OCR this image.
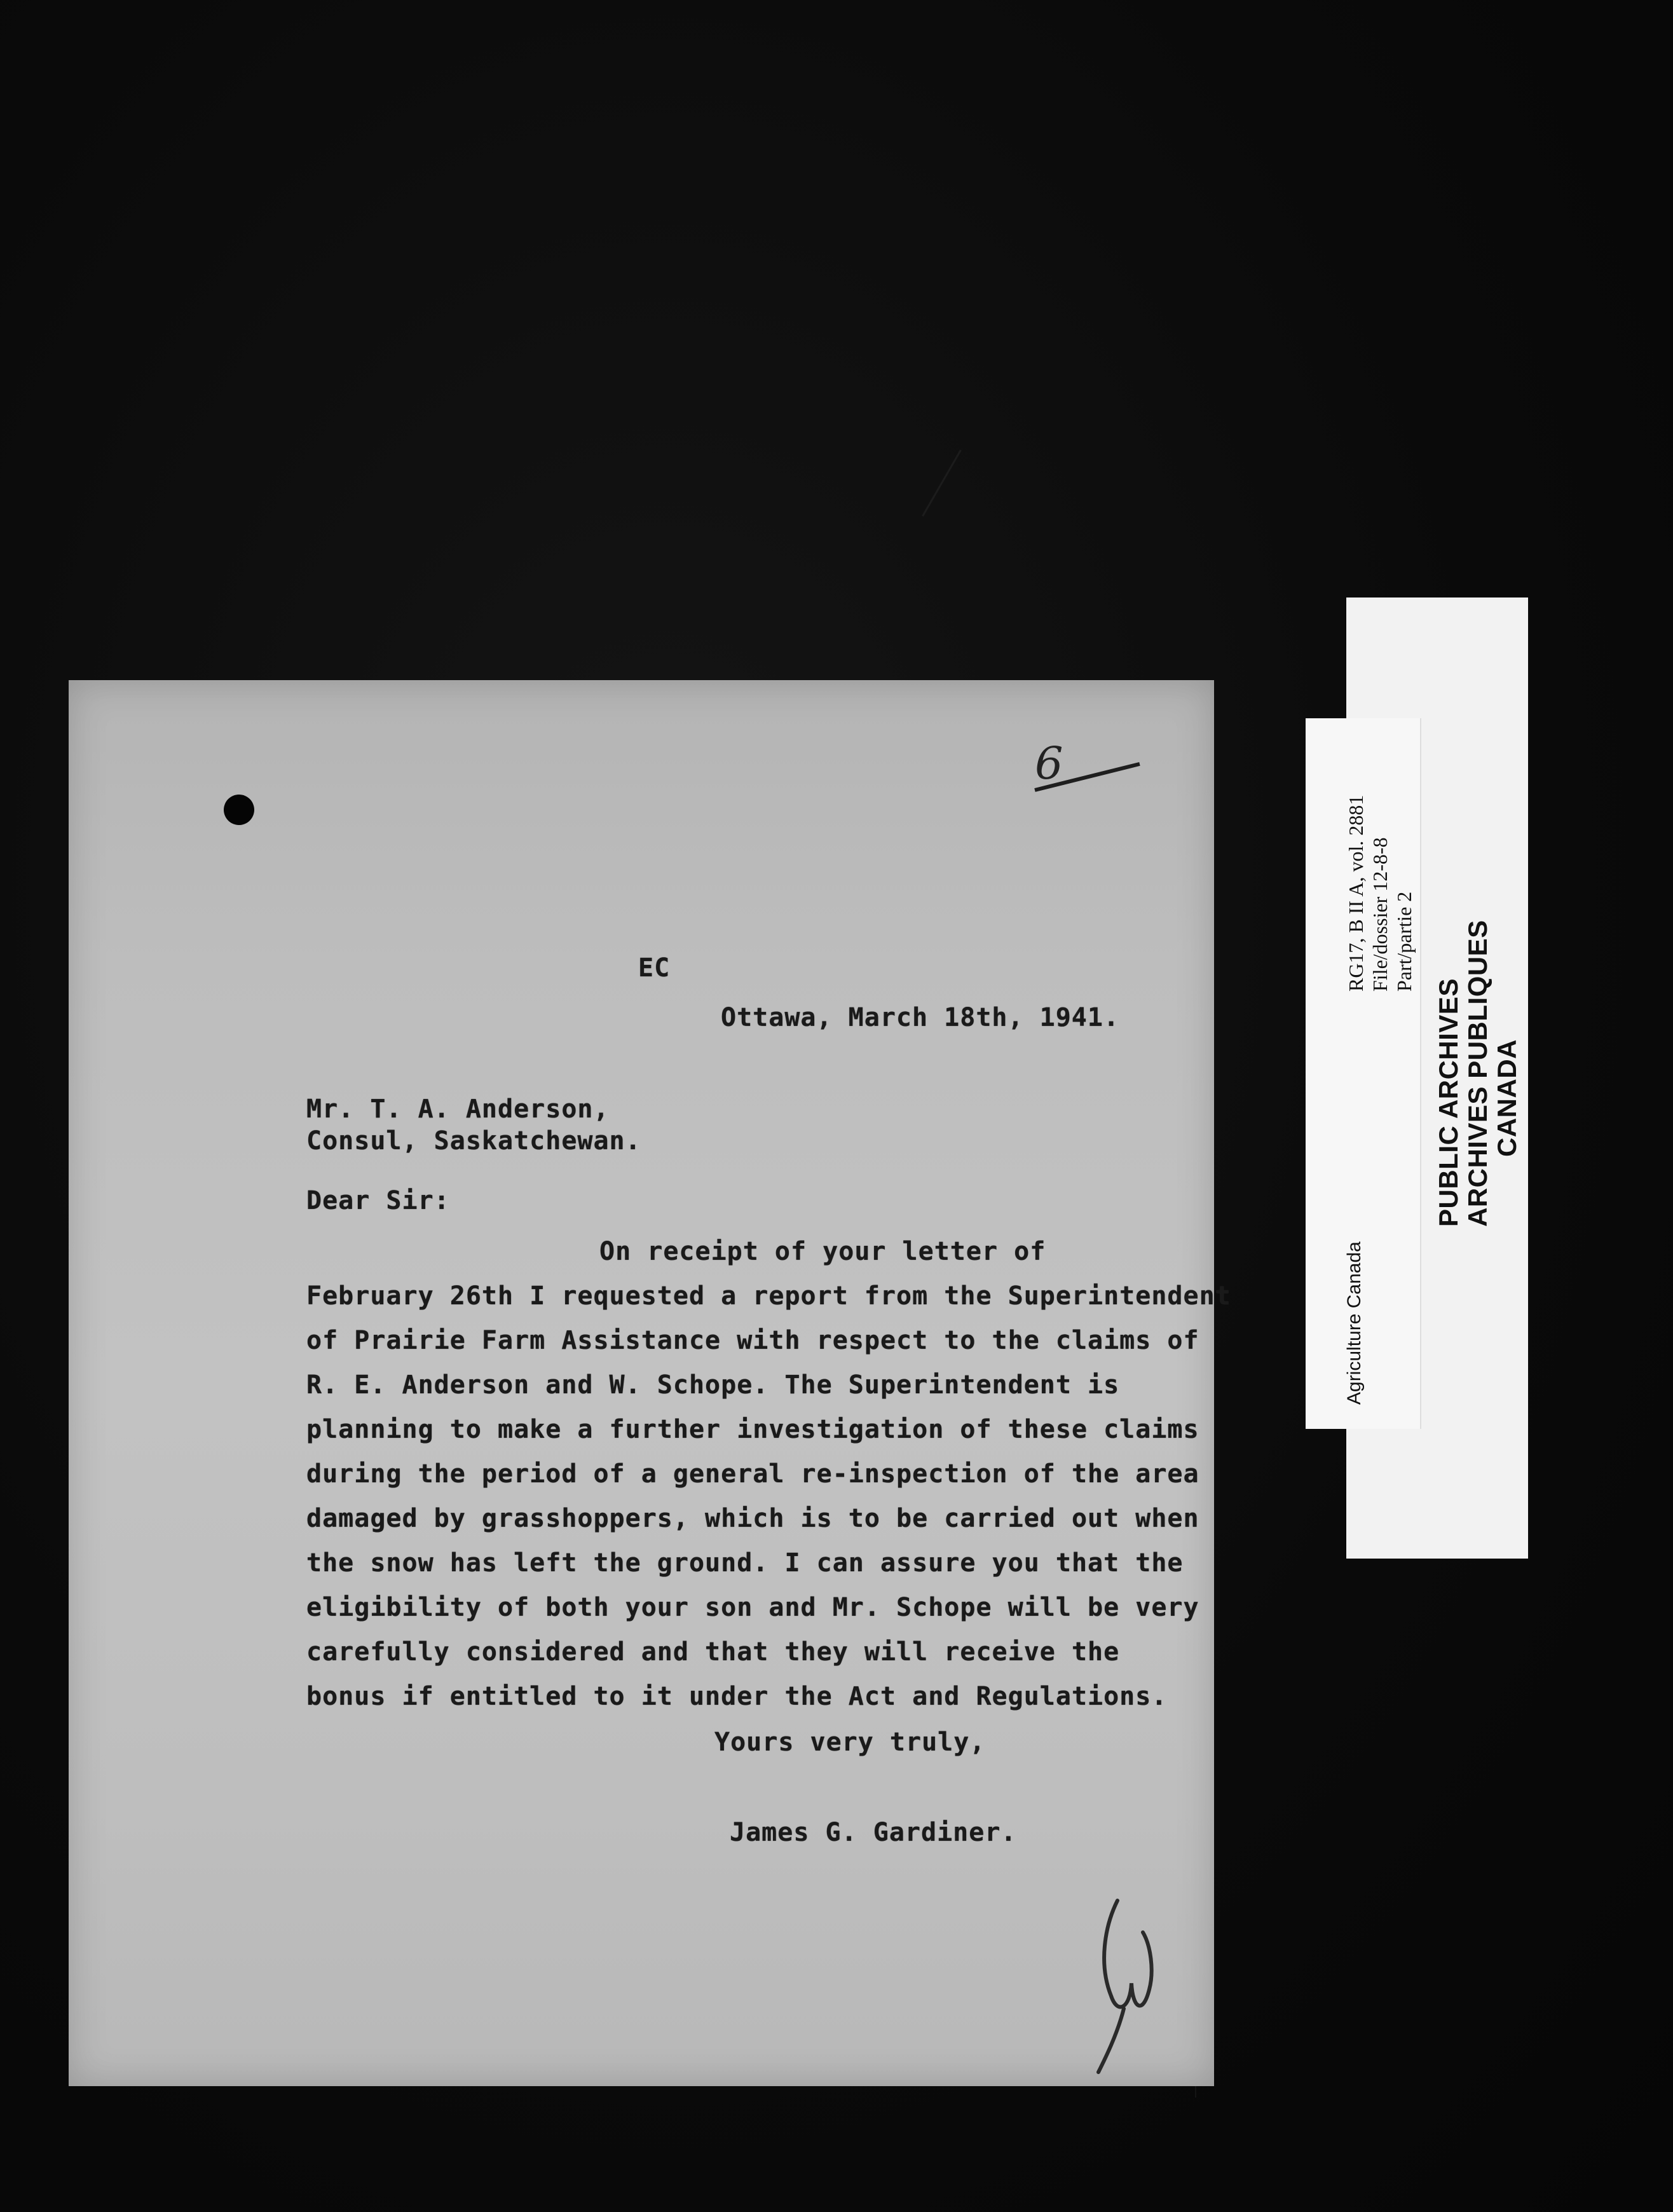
6
EC
Ottawa, March 18th, 1941.
Mr. T. A. Anderson,
Consul, Saskatchewan.
Dear Sir:
On receipt of your letter of
February 26th I requested a report from the Superintendent
of Prairie Farm Assistance with respect to the claims of
R. E. Anderson and W. Schope. The Superintendent is
planning to make a further investigation of these claims
during the period of a general re-inspection of the area
damaged by grasshoppers, which is to be carried out when
the snow has left the ground. I can assure you that the
eligibility of both your son and Mr. Schope will be very
carefully considered and that they will receive the
bonus if entitled to it under the Act and Regulations.
Yours very truly,
James G. Gardiner.
PUBLIC ARCHIVES ARCHIVES PUBLIQUES CANADA
RG17, B II A, vol. 2881 File/dossier 12-8-8 Part/partie 2
Agriculture Canada
